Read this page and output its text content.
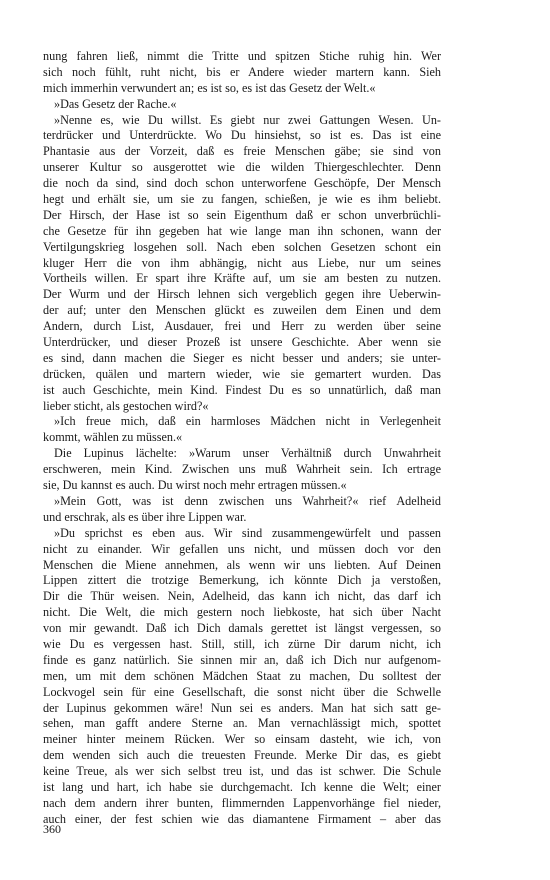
nung fahren ließ, nimmt die Tritte und spitzen Stiche ruhig hin. Wer
sich noch fühlt, ruht nicht, bis er Andere wieder martern kann. Sieh
mich immerhin verwundert an; es ist so, es ist das Gesetz der Welt.«
»Das Gesetz der Rache.«
»Nenne es, wie Du willst. Es giebt nur zwei Gattungen Wesen. Un-
terdrücker und Unterdrückte. Wo Du hinsiehst, so ist es. Das ist eine
Phantasie aus der Vorzeit, daß es freie Menschen gäbe; sie sind von
unserer Kultur so ausgerottet wie die wilden Thiergeschlechter. Denn
die noch da sind, sind doch schon unterworfene Geschöpfe, Der Mensch
hegt und erhält sie, um sie zu fangen, schießen, je wie es ihm beliebt.
Der Hirsch, der Hase ist so sein Eigenthum daß er schon unverbrüchli-
che Gesetze für ihn gegeben hat wie lange man ihn schonen, wann der
Vertilgungskrieg losgehen soll. Nach eben solchen Gesetzen schont ein
kluger Herr die von ihm abhängig, nicht aus Liebe, nur um seines
Vortheils willen. Er spart ihre Kräfte auf, um sie am besten zu nutzen.
Der Wurm und der Hirsch lehnen sich vergeblich gegen ihre Ueberwin-
der auf; unter den Menschen glückt es zuweilen dem Einen und dem
Andern, durch List, Ausdauer, frei und Herr zu werden über seine
Unterdrücker, und dieser Prozeß ist unsere Geschichte. Aber wenn sie
es sind, dann machen die Sieger es nicht besser und anders; sie unter-
drücken, quälen und martern wieder, wie sie gemartert wurden. Das
ist auch Geschichte, mein Kind. Findest Du es so unnatürlich, daß man
lieber sticht, als gestochen wird?«
»Ich freue mich, daß ein harmloses Mädchen nicht in Verlegenheit
kommt, wählen zu müssen.«
Die Lupinus lächelte: »Warum unser Verhältniß durch Unwahrheit
erschweren, mein Kind. Zwischen uns muß Wahrheit sein. Ich ertrage
sie, Du kannst es auch. Du wirst noch mehr ertragen müssen.«
»Mein Gott, was ist denn zwischen uns Wahrheit?« rief Adelheid
und erschrak, als es über ihre Lippen war.
»Du sprichst es eben aus. Wir sind zusammengewürfelt und passen
nicht zu einander. Wir gefallen uns nicht, und müssen doch vor den
Menschen die Miene annehmen, als wenn wir uns liebten. Auf Deinen
Lippen zittert die trotzige Bemerkung, ich könnte Dich ja verstoßen,
Dir die Thür weisen. Nein, Adelheid, das kann ich nicht, das darf ich
nicht. Die Welt, die mich gestern noch liebkoste, hat sich über Nacht
von mir gewandt. Daß ich Dich damals gerettet ist längst vergessen, so
wie Du es vergessen hast. Still, still, ich zürne Dir darum nicht, ich
finde es ganz natürlich. Sie sinnen mir an, daß ich Dich nur aufgenom-
men, um mit dem schönen Mädchen Staat zu machen, Du solltest der
Lockvogel sein für eine Gesellschaft, die sonst nicht über die Schwelle
der Lupinus gekommen wäre! Nun sei es anders. Man hat sich satt ge-
sehen, man gafft andere Sterne an. Man vernachlässigt mich, spottet
meiner hinter meinem Rücken. Wer so einsam dasteht, wie ich, von
dem wenden sich auch die treuesten Freunde. Merke Dir das, es giebt
keine Treue, als wer sich selbst treu ist, und das ist schwer. Die Schule
ist lang und hart, ich habe sie durchgemacht. Ich kenne die Welt; einer
nach dem andern ihrer bunten, flimmernden Lappenvorhänge fiel nieder,
auch einer, der fest schien wie das diamantene Firmament – aber das
360
